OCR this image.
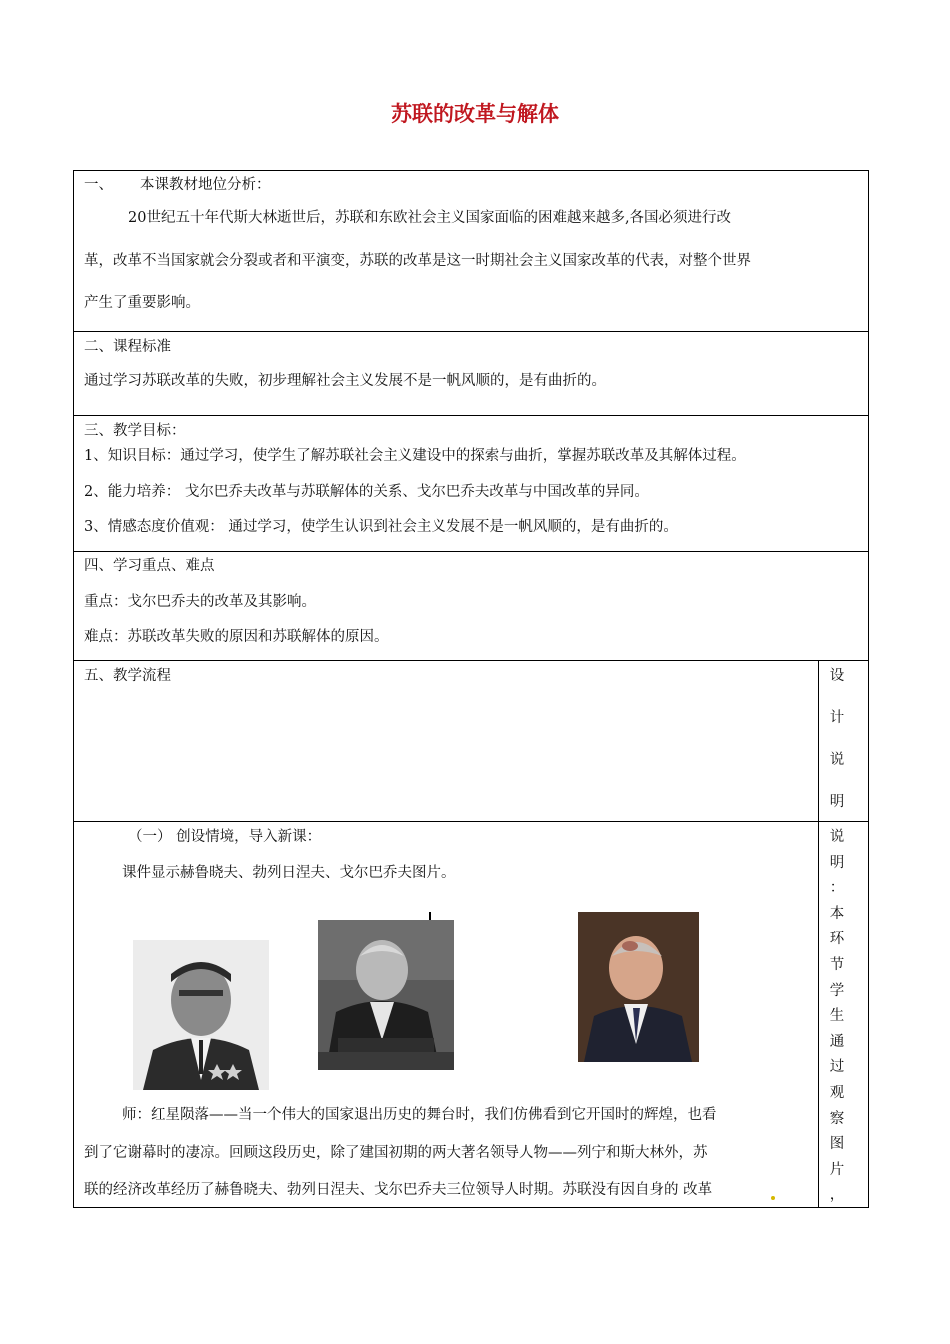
苏联的改革与解体
一、 本课教材地位分析：
20世纪五十年代斯大林逝世后，苏联和东欧社会主义国家面临的困难越来越多,各国必须进行改
革，改革不当国家就会分裂或者和平演变，苏联的改革是这一时期社会主义国家改革的代表，对整个世界
产生了重要影响。
二、课程标准
通过学习苏联改革的失败，初步理解社会主义发展不是一帆风顺的，是有曲折的。
三、教学目标：
1、知识目标：通过学习，使学生了解苏联社会主义建设中的探索与曲折，掌握苏联改革及其解体过程。
2、能力培养： 戈尔巴乔夫改革与苏联解体的关系、戈尔巴乔夫改革与中国改革的异同。
3、情感态度价值观： 通过学习，使学生认识到社会主义发展不是一帆风顺的，是有曲折的。
四、学习重点、难点
重点：戈尔巴乔夫的改革及其影响。
难点：苏联改革失败的原因和苏联解体的原因。
五、教学流程	设
计
说
明
（一） 创设情境，导入新课：
课件显示赫鲁晓夫、勃列日涅夫、戈尔巴乔夫图片。
师：红星陨落——当一个伟大的国家退出历史的舞台时，我们仿佛看到它开国时的辉煌，也看
到了它谢幕时的凄凉。回顾这段历史，除了建国初期的两大著名领导人物——列宁和斯大林外，苏
联的经济改革经历了赫鲁晓夫、勃列日涅夫、戈尔巴乔夫三位领导人时期。苏联没有因自身的 改革
说
明
：
本
环
节
学
生
通
过
观
察
图
片
，
